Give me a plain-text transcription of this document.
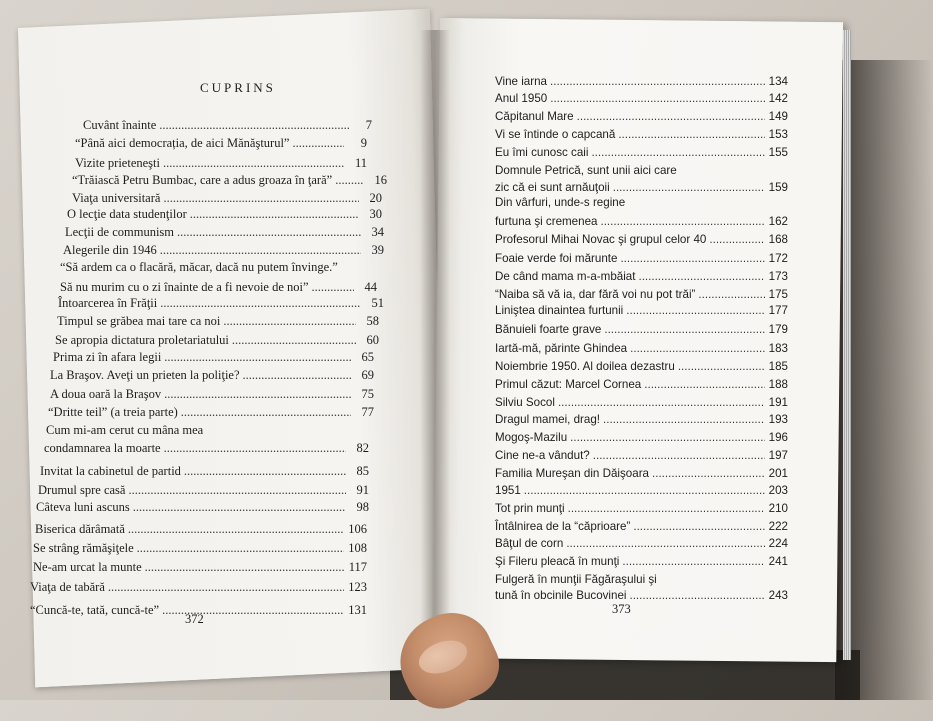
CUPRINS
Cuvânt înainte .....	7
“Până aici democrația, de aici Mănăşturul” .....	9
Vizite prieteneşti .....	11
“Trăiască Petru Bumbac, care a adus groaza în ţară” .....	16
Viaţa universitară .....	20
O lecţie data studenţilor .....	30
Lecţii de communism .....	34
Alegerile din 1946 .....	39
“Să ardem ca o flacără, măcar, dacă nu putem învinge.”
Să nu murim cu o zi înainte de a fi nevoie de noi” .....	44
Întoarcerea în Frăţii .....	51
Timpul se grăbea mai tare ca noi .....	58
Se apropia dictatura proletariatului .....	60
Prima zi în afara legii .....	65
La Braşov. Aveţi un prieten la poliţie? .....	69
A doua oară la Braşov .....	75
“Dritte teil” (a treia parte) .....	77
Cum mi-am cerut cu mâna mea
condamnarea la moarte .....	82
Invitat la cabinetul de partid .....	85
Drumul spre casă .....	91
Câteva luni ascuns .....	98
Biserica dărâmată .....	106
Se strâng rămăşiţele .....	108
Ne-am urcat la munte .....	117
Viaţa de tabără .....	123
“Cuncă-te, tată, cuncă-te” .....	131
Vine iarna .....	134
Anul 1950 .....	142
Căpitanul Mare .....	149
Vi se întinde o capcană .....	153
Eu îmi cunosc caii .....	155
Domnule Petrică, sunt unii aici care
zic că ei sunt arnăuţoii .....	159
Din vârfuri, unde-s regine
furtuna şi cremenea .....	162
Profesorul Mihai Novac şi grupul celor 40 .....	168
Foaie verde foi mărunte .....	172
De când mama m-a-mbăiat .....	173
“Naiba să vă ia, dar fără voi nu pot trăi” .....	175
Liniştea dinaintea furtunii .....	177
Bănuieli foarte grave .....	179
Iartă-mă, părinte Ghindea .....	183
Noiembrie 1950. Al doilea dezastru .....	185
Primul căzut: Marcel Cornea .....	188
Silviu Socol .....	191
Dragul mamei, drag! .....	193
Mogoş-Mazilu .....	196
Cine ne-a vândut? .....	197
Familia Mureşan din Dăişoara .....	201
1951 .....	203
Tot prin munţi .....	210
Întâlnirea de la “căprioare” .....	222
Bâţul de corn .....	224
Şi Fileru pleacă în munţi .....	241
Fulgeră în munţii Făgăraşului şi
tună în obcinile Bucovinei .....	243
372
373
